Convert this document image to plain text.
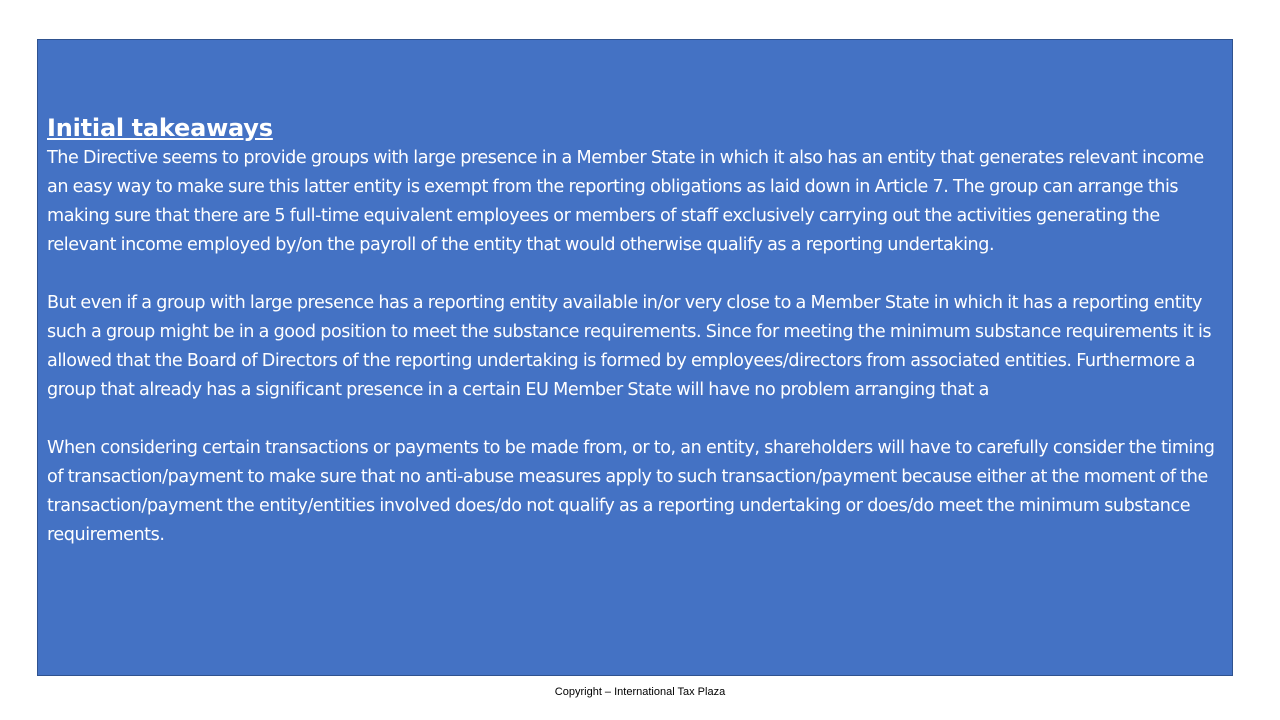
Initial takeaways

The Directive seems to provide groups with large presence in a Member State in which it also has an entity that generates relevant income an easy way to make sure this latter entity is exempt from the reporting obligations as laid down in Article 7. The group can arrange this making sure that there are 5 full-time equivalent employees or members of staff exclusively carrying out the activities generating the relevant income employed by/on the payroll of the entity that would otherwise qualify as a reporting undertaking.

But even if a group with large presence has a reporting entity available in/or very close to a Member State in which it has a reporting entity such a group might be in a good position to meet the substance requirements. Since for meeting the minimum substance requirements it is allowed that the Board of Directors of the reporting undertaking is formed by employees/directors from associated entities. Furthermore a group that already has a significant presence in a certain EU Member State will have no problem arranging that a

When considering certain transactions or payments to be made from, or to, an entity, shareholders will have to carefully consider the timing of transaction/payment to make sure that no anti-abuse measures apply to such transaction/payment because either at the moment of the transaction/payment the entity/entities involved does/do not qualify as a reporting undertaking or does/do meet the minimum substance requirements.

Copyright – International Tax Plaza
